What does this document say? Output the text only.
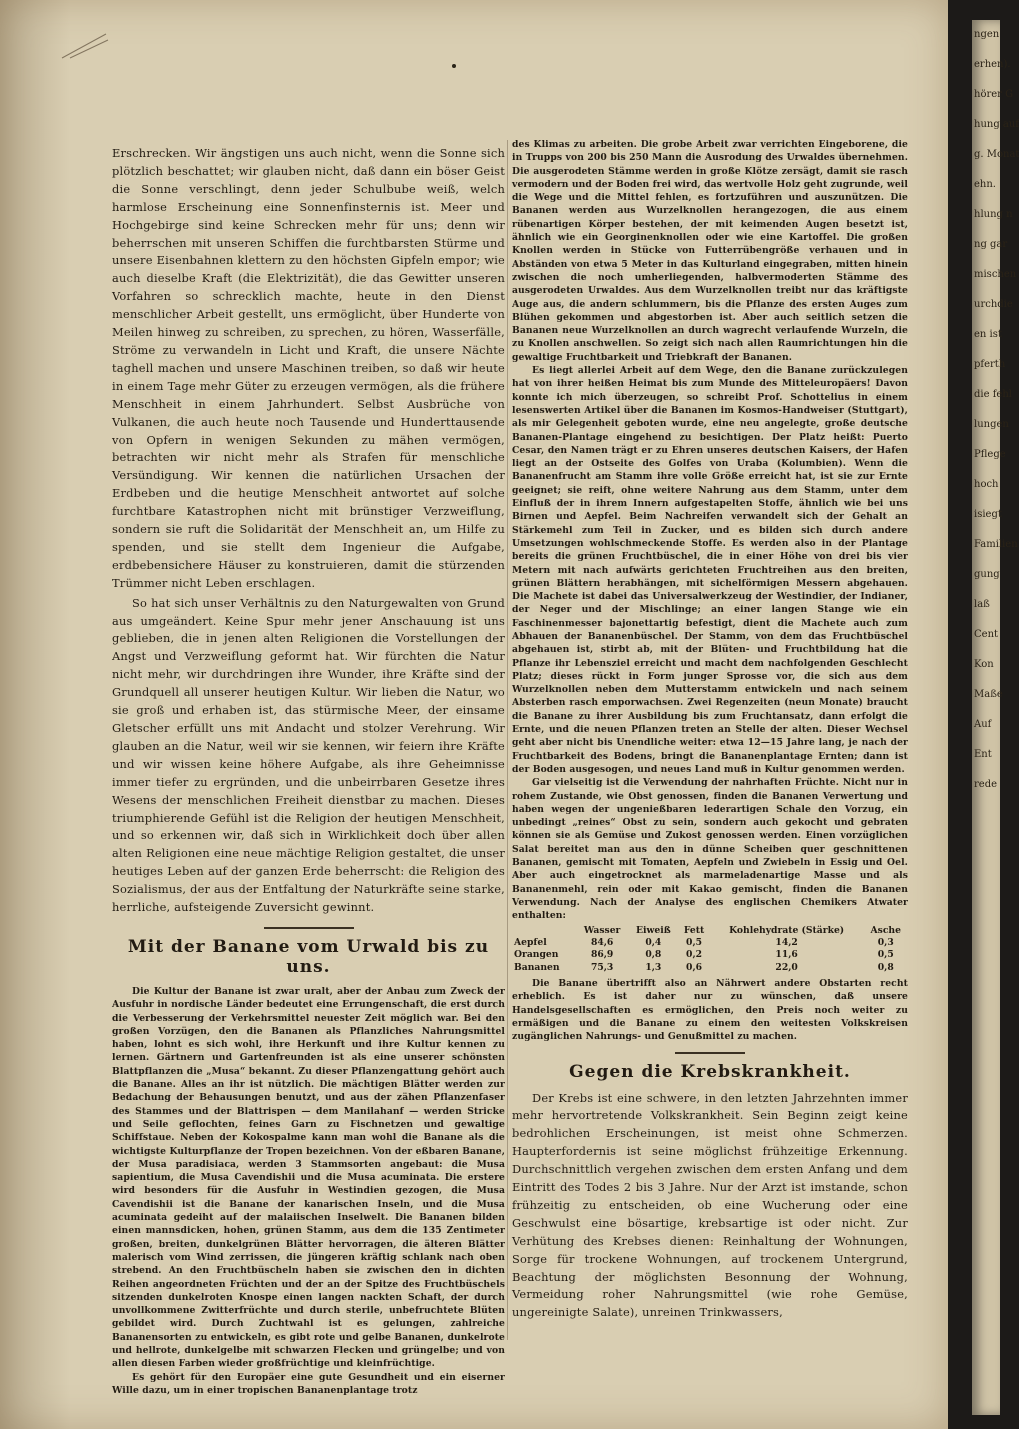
Erschrecken. Wir ängstigen uns auch nicht, wenn die Sonne sich plötzlich beschattet; wir glauben nicht, daß dann ein böser Geist die Sonne verschlingt, denn jeder Schulbube weiß, welch harmlose Erscheinung eine Sonnenfinsternis ist. Meer und Hochgebirge sind keine Schrecken mehr für uns; denn wir beherrschen mit unseren Schiffen die furchtbarsten Stürme und unsere Eisenbahnen klettern zu den höchsten Gipfeln empor; wie auch dieselbe Kraft (die Elektrizität), die das Gewitter unseren Vorfahren so schrecklich machte, heute in den Dienst menschlicher Arbeit gestellt, uns ermöglicht, über Hunderte von Meilen hinweg zu schreiben, zu sprechen, zu hören, Wasserfälle, Ströme zu verwandeln in Licht und Kraft, die unsere Nächte taghell machen und unsere Maschinen treiben, so daß wir heute in einem Tage mehr Güter zu erzeugen vermögen, als die frühere Menschheit in einem Jahrhundert. Selbst Ausbrüche von Vulkanen, die auch heute noch Tausende und Hunderttausende von Opfern in wenigen Sekunden zu mähen vermögen, betrachten wir nicht mehr als Strafen für menschliche Versündigung. Wir kennen die natürlichen Ursachen der Erdbeben und die heutige Menschheit antwortet auf solche furchtbare Katastrophen nicht mit brünstiger Verzweiflung, sondern sie ruft die Solidarität der Menschheit an, um Hilfe zu spenden, und sie stellt dem Ingenieur die Aufgabe, erdbebensichere Häuser zu konstruieren, damit die stürzenden Trümmer nicht Leben erschlagen.

So hat sich unser Verhältnis zu den Naturgewalten von Grund aus umgeändert. Keine Spur mehr jener Anschauung ist uns geblieben, die in jenen alten Religionen die Vorstellungen der Angst und Verzweiflung geformt hat. Wir fürchten die Natur nicht mehr, wir durchdringen ihre Wunder, ihre Kräfte sind der Grundquell all unserer heutigen Kultur. Wir lieben die Natur, wo sie groß und erhaben ist, das stürmische Meer, der einsame Gletscher erfüllt uns mit Andacht und stolzer Verehrung. Wir glauben an die Natur, weil wir sie kennen, wir feiern ihre Kräfte und wir wissen keine höhere Aufgabe, als ihre Geheimnisse immer tiefer zu ergründen, und die unbeirrbaren Gesetze ihres Wesens der menschlichen Freiheit dienstbar zu machen. Dieses triumphierende Gefühl ist die Religion der heutigen Menschheit, und so erkennen wir, daß sich in Wirklichkeit doch über allen alten Religionen eine neue mächtige Religion gestaltet, die unser heutiges Leben auf der ganzen Erde beherrscht: die Religion des Sozialismus, der aus der Entfaltung der Naturkräfte seine starke, herrliche, aufsteigende Zuversicht gewinnt.

Mit der Banane vom Urwald bis zu uns.

Die Kultur der Banane ist zwar uralt, aber der Anbau zum Zweck der Ausfuhr in nordische Länder bedeutet eine Errungenschaft, die erst durch die Verbesserung der Verkehrsmittel neuester Zeit möglich war. Bei den großen Vorzügen, den die Bananen als Pflanzliches Nahrungsmittel haben, lohnt es sich wohl, ihre Herkunft und ihre Kultur kennen zu lernen. Gärtnern und Gartenfreunden ist als eine unserer schönsten Blattpflanzen die „Musa“ bekannt. Zu dieser Pflanzengattung gehört auch die Banane. Alles an ihr ist nützlich. Die mächtigen Blätter werden zur Bedachung der Behausungen benutzt, und aus der zähen Pflanzenfaser des Stammes und der Blattrispen — dem Manilahanf — werden Stricke und Seile geflochten, feines Garn zu Fischnetzen und gewaltige Schiffstaue. Neben der Kokospalme kann man wohl die Banane als die wichtigste Kulturpflanze der Tropen bezeichnen. Von der eßbaren Banane, der Musa paradisiaca, werden 3 Stammsorten angebaut: die Musa sapientium, die Musa Cavendishii und die Musa acuminata. Die erstere wird besonders für die Ausfuhr in Westindien gezogen, die Musa Cavendishii ist die Banane der kanarischen Inseln, und die Musa acuminata gedeiht auf der malaiischen Inselwelt. Die Bananen bilden einen mannsdicken, hohen, grünen Stamm, aus dem die 135 Zentimeter großen, breiten, dunkelgrünen Blätter hervorragen, die älteren Blätter malerisch vom Wind zerrissen, die jüngeren kräftig schlank nach oben strebend. An den Fruchtbüscheln haben sie zwischen den in dichten Reihen angeordneten Früchten und der an der Spitze des Fruchtbüschels sitzenden dunkelroten Knospe einen langen nackten Schaft, der durch unvollkommene Zwitterfrüchte und durch sterile, unbefruchtete Blüten gebildet wird. Durch Zuchtwahl ist es gelungen, zahlreiche Bananensorten zu entwickeln, es gibt rote und gelbe Bananen, dunkelrote und hellrote, dunkelgelbe mit schwarzen Flecken und grüngelbe; und von allen diesen Farben wieder großfrüchtige und kleinfrüchtige.

Es gehört für den Europäer eine gute Gesundheit und ein eiserner Wille dazu, um in einer tropischen Bananenplantage trotz

des Klimas zu arbeiten. Die grobe Arbeit zwar verrichten Eingeborene, die in Trupps von 200 bis 250 Mann die Ausrodung des Urwaldes übernehmen. Die ausgerodeten Stämme werden in große Klötze zersägt, damit sie rasch vermodern und der Boden frei wird, das wertvolle Holz geht zugrunde, weil die Wege und die Mittel fehlen, es fortzuführen und auszunützen. Die Bananen werden aus Wurzelknollen herangezogen, die aus einem rübenartigen Körper bestehen, der mit keimenden Augen besetzt ist, ähnlich wie ein Georginenknollen oder wie eine Kartoffel. Die großen Knollen werden in Stücke von Futterrübengröße verhauen und in Abständen von etwa 5 Meter in das Kulturland eingegraben, mitten hinein zwischen die noch umherliegenden, halbvermoderten Stämme des ausgerodeten Urwaldes. Aus dem Wurzelknollen treibt nur das kräftigste Auge aus, die andern schlummern, bis die Pflanze des ersten Auges zum Blühen gekommen und abgestorben ist. Aber auch seitlich setzen die Bananen neue Wurzelknollen an durch wagrecht verlaufende Wurzeln, die zu Knollen anschwellen. So zeigt sich nach allen Raumrichtungen hin die gewaltige Fruchtbarkeit und Triebkraft der Bananen.

Es liegt allerlei Arbeit auf dem Wege, den die Banane zurückzulegen hat von ihrer heißen Heimat bis zum Munde des Mitteleuropäers! Davon konnte ich mich überzeugen, so schreibt Prof. Schottelius in einem lesenswerten Artikel über die Bananen im Kosmos-Handweiser (Stuttgart), als mir Gelegenheit geboten wurde, eine neu angelegte, große deutsche Bananen-Plantage eingehend zu besichtigen. Der Platz heißt: Puerto Cesar, den Namen trägt er zu Ehren unseres deutschen Kaisers, der Hafen liegt an der Ostseite des Golfes von Uraba (Kolumbien). Wenn die Bananenfrucht am Stamm ihre volle Größe erreicht hat, ist sie zur Ernte geeignet; sie reift, ohne weitere Nahrung aus dem Stamm, unter dem Einfluß der in ihrem Innern aufgestapelten Stoffe, ähnlich wie bei uns Birnen und Aepfel. Beim Nachreifen verwandelt sich der Gehalt an Stärkemehl zum Teil in Zucker, und es bilden sich durch andere Umsetzungen wohlschmeckende Stoffe. Es werden also in der Plantage bereits die grünen Fruchtbüschel, die in einer Höhe von drei bis vier Metern mit nach aufwärts gerichteten Fruchtreihen aus den breiten, grünen Blättern herabhängen, mit sichelförmigen Messern abgehauen. Die Machete ist dabei das Universalwerkzeug der Westindier, der Indianer, der Neger und der Mischlinge; an einer langen Stange wie ein Faschinenmesser bajonettartig befestigt, dient die Machete auch zum Abhauen der Bananenbüschel. Der Stamm, von dem das Fruchtbüschel abgehauen ist, stirbt ab, mit der Blüten- und Fruchtbildung hat die Pflanze ihr Lebensziel erreicht und macht dem nachfolgenden Geschlecht Platz; dieses rückt in Form junger Sprosse vor, die sich aus dem Wurzelknollen neben dem Mutterstamm entwickeln und nach seinem Absterben rasch emporwachsen. Zwei Regenzeiten (neun Monate) braucht die Banane zu ihrer Ausbildung bis zum Fruchtansatz, dann erfolgt die Ernte, und die neuen Pflanzen treten an Stelle der alten. Dieser Wechsel geht aber nicht bis Unendliche weiter: etwa 12—15 Jahre lang, je nach der Fruchtbarkeit des Bodens, bringt die Bananenplantage Ernten; dann ist der Boden ausgesogen, und neues Land muß in Kultur genommen werden.

Gar vielseitig ist die Verwendung der nahrhaften Früchte. Nicht nur in rohem Zustande, wie Obst genossen, finden die Bananen Verwertung und haben wegen der ungenießbaren lederartigen Schale den Vorzug, ein unbedingt „reines“ Obst zu sein, sondern auch gekocht und gebraten können sie als Gemüse und Zukost genossen werden. Einen vorzüglichen Salat bereitet man aus den in dünne Scheiben quer geschnittenen Bananen, gemischt mit Tomaten, Aepfeln und Zwiebeln in Essig und Oel. Aber auch eingetrocknet als marmeladenartige Masse und als Bananenmehl, rein oder mit Kakao gemischt, finden die Bananen Verwendung. Nach der Analyse des englischen Chemikers Atwater enthalten:

	Wasser	Eiweiß	Fett	Kohlehydrate (Stärke)	Asche
Aepfel	84,6	0,4	0,5	14,2	0,3
Orangen	86,9	0,8	0,2	11,6	0,5
Bananen	75,3	1,3	0,6	22,0	0,8

Die Banane übertrifft also an Nährwert andere Obstarten recht erheblich. Es ist daher nur zu wünschen, daß unsere Handelsgesellschaften es ermöglichen, den Preis noch weiter zu ermäßigen und die Banane zu einem den weitesten Volkskreisen zugänglichen Nahrungs- und Genußmittel zu machen.

Gegen die Krebskrankheit.

Der Krebs ist eine schwere, in den letzten Jahrzehnten immer mehr hervortretende Volkskrankheit. Sein Beginn zeigt keine bedrohlichen Erscheinungen, ist meist ohne Schmerzen. Haupterfordernis ist seine möglichst frühzeitige Erkennung. Durchschnittlich vergehen zwischen dem ersten Anfang und dem Eintritt des Todes 2 bis 3 Jahre. Nur der Arzt ist imstande, schon frühzeitig zu entscheiden, ob eine Wucherung oder eine Geschwulst eine bösartige, krebsartige ist oder nicht. Zur Verhütung des Krebses dienen: Reinhaltung der Wohnungen, Sorge für trockene Wohnungen, auf trockenem Untergrund, Beachtung der möglichsten Besonnung der Wohnung, Vermeidung roher Nahrungsmittel (wie rohe Gemüse, ungereinigte Salate), unreinen Trinkwassers,

ngen
erhen).
hörer G
hung auf
g. Monat
ehn.
hlung n
ng gar
mischen
urchdie
en ist
pferth
die fehl
lungen
Pflege
hoch
isiegt
Familien
gung
laß
Cent
Kon
Maße
Auf
Ent
rede
